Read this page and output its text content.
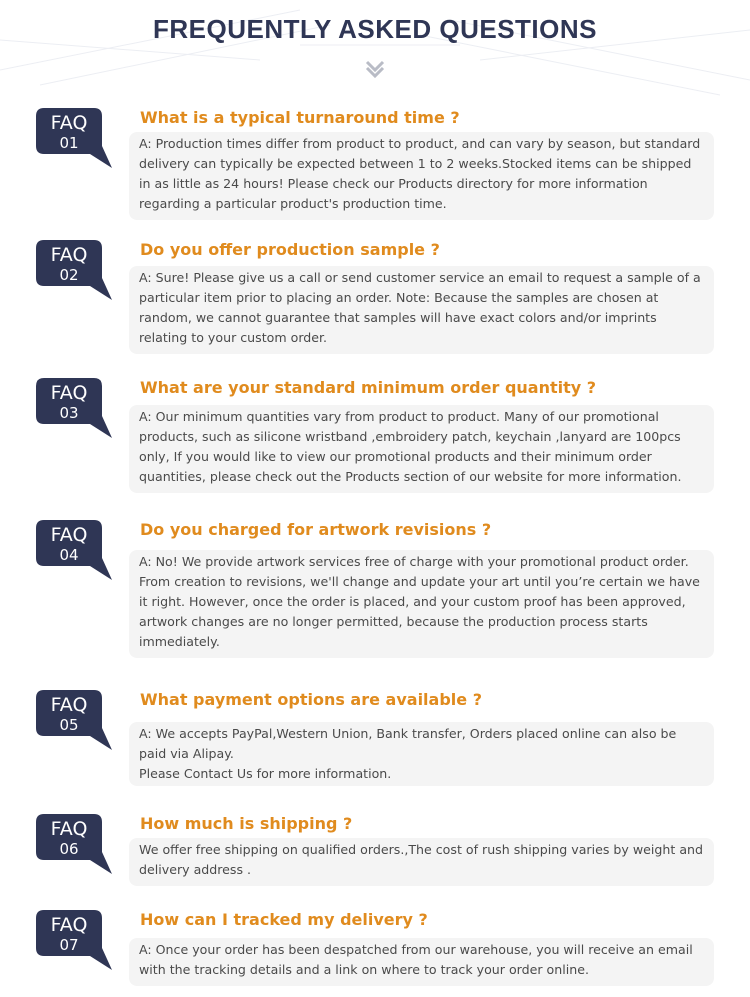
FREQUENTLY ASKED QUESTIONS
FAQ
01
What is a typical turnaround time ?
A: Production times differ from product to product, and can vary by season, but standard delivery can typically be expected between 1 to 2 weeks.Stocked items can be shipped in as little as 24 hours! Please check our Products directory for more information regarding a particular product's production time.
FAQ
02
Do you offer production sample ?
A: Sure! Please give us a call or send customer service an email to request a sample of a particular item prior to placing an order. Note: Because the samples are chosen at random, we cannot guarantee that samples will have exact colors and/or imprints relating to your custom order.
FAQ
03
What are your standard minimum order quantity ?
A: Our minimum quantities vary from product to product. Many of our promotional products, such as silicone wristband ,embroidery patch, keychain ,lanyard are 100pcs only, If you would like to view our promotional products and their minimum order quantities, please check out the Products section of our website for more information.
FAQ
04
Do you charged for artwork revisions ?
A: No! We provide artwork services free of charge with your promotional product order. From creation to revisions, we'll change and update your art until you’re certain we have it right. However, once the order is placed, and your custom proof has been approved, artwork changes are no longer permitted, because the production process starts immediately.
FAQ
05
What payment options are available ?
A: We accepts PayPal,Western Union, Bank transfer, Orders placed online can also be paid via Alipay.
Please Contact Us for more information.
FAQ
06
How much is shipping ?
We offer free shipping on qualified orders.,The cost of rush shipping varies by weight and delivery address .
FAQ
07
How can I tracked my delivery ?
A: Once your order has been despatched from our warehouse, you will receive an email with the tracking details and a link on where to track your order online.
